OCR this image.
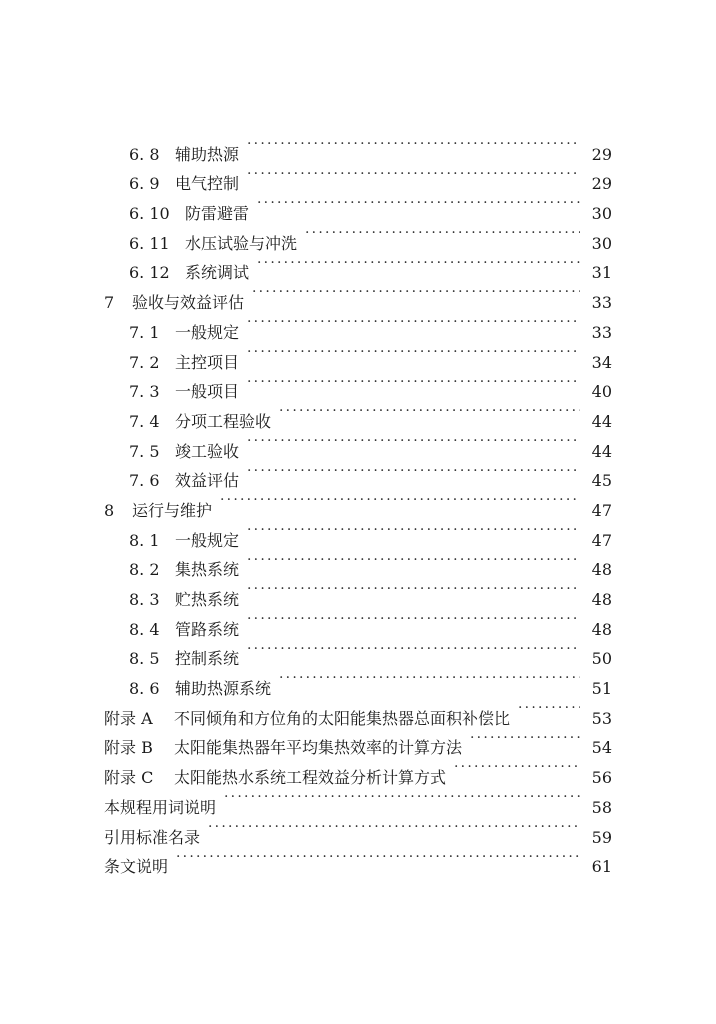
6. 8 辅助热源 ·····	29
6. 9 电气控制 ·····	29
6. 10 防雷避雷 ·····	30
6. 11 水压试验与冲洗 ·····	30
6. 12 系统调试 ·····	31
7	验收与效益评估 ·····	33
7. 1 一般规定 ·····	33
7. 2 主控项目 ·····	34
7. 3 一般项目 ·····	40
7. 4 分项工程验收 ·····	44
7. 5 竣工验收 ·····	44
7. 6 效益评估 ·····	45
8	运行与维护 ·····	47
8. 1 一般规定 ·····	47
8. 2 集热系统 ·····	48
8. 3 贮热系统 ·····	48
8. 4 管路系统 ·····	48
8. 5 控制系统 ·····	50
8. 6 辅助热源系统 ·····	51
附录 A	不同倾角和方位角的太阳能集热器总面积补偿比 ·····	53
附录 B	太阳能集热器年平均集热效率的计算方法 ·····	54
附录 C	太阳能热水系统工程效益分析计算方式 ·····	56
本规程用词说明 ·····	58
引用标准名录 ·····	59
条文说明 ·····	61
